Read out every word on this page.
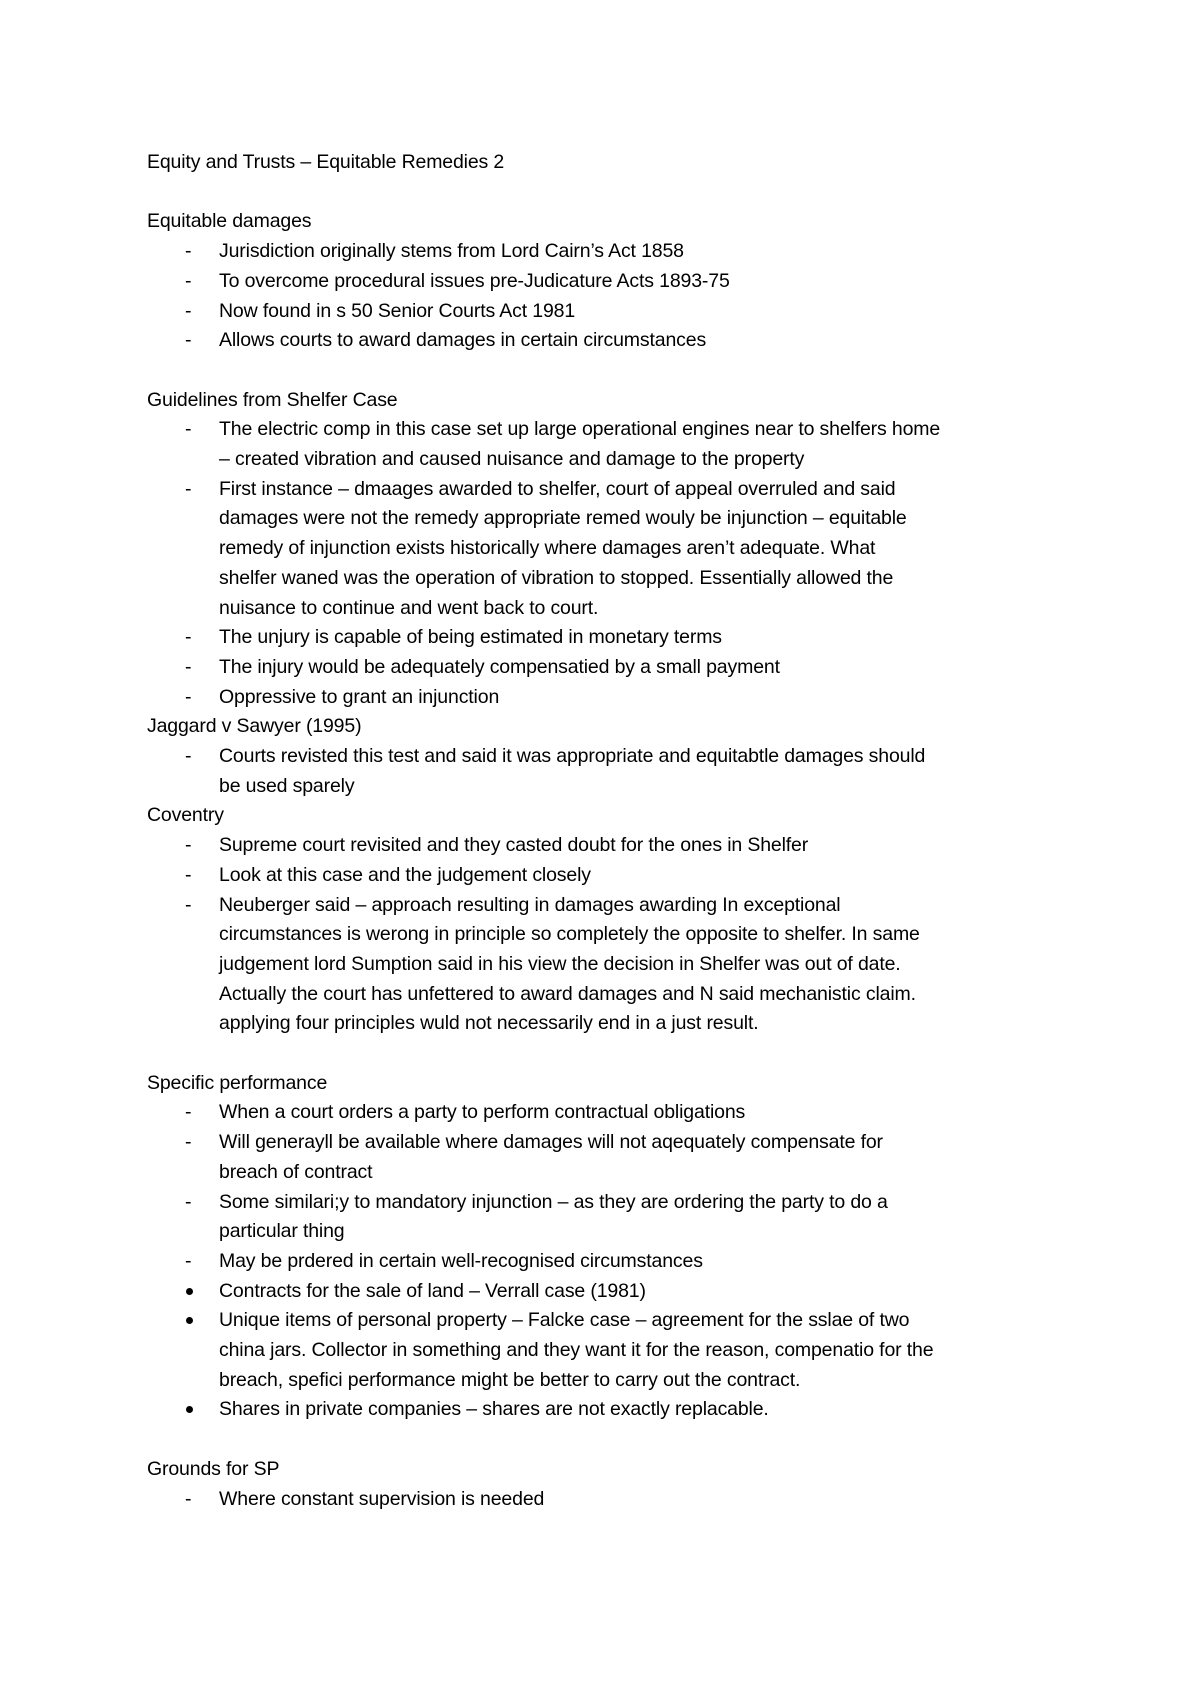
Equity and Trusts – Equitable Remedies 2

Equitable damages

-	Jurisdiction originally stems from Lord Cairn’s Act 1858
-	To overcome procedural issues pre-Judicature Acts 1893-75
-	Now found in s 50 Senior Courts Act 1981
-	Allows courts to award damages in certain circumstances

Guidelines from Shelfer Case

-	The electric comp in this case set up large operational engines near to shelfers home
– created vibration and caused nuisance and damage to the property
-	First instance – dmaages awarded to shelfer, court of appeal overruled and said
damages were not the remedy appropriate remed wouly be injunction – equitable
remedy of injunction exists historically where damages aren’t adequate. What
shelfer waned was the operation of vibration to stopped. Essentially allowed the
nuisance to continue and went back to court.
-	The unjury is capable of being estimated in monetary terms
-	The injury would be adequately compensatied by a small payment
-	Oppressive to grant an injunction

Jaggard v Sawyer (1995)

-	Courts revisted this test and said it was appropriate and equitabtle damages should
be used sparely

Coventry

-	Supreme court revisited and they casted doubt for the ones in Shelfer
-	Look at this case and the judgement closely
-	Neuberger said – approach resulting in damages awarding In exceptional
circumstances is werong in principle so completely the opposite to shelfer. In same
judgement lord Sumption said in his view the decision in Shelfer was out of date.
Actually the court has unfettered to award damages and N said mechanistic claim.
applying four principles wuld not necessarily end in a just result.

Specific performance

-	When a court orders a party to perform contractual obligations
-	Will generayll be available where damages will not aqequately compensate for
breach of contract
-	Some similari;y to mandatory injunction – as they are ordering the party to do a
particular thing
-	May be prdered in certain well-recognised circumstances
Contracts for the sale of land – Verrall case (1981)
Unique items of personal property – Falcke case – agreement for the sslae of two
china jars. Collector in something and they want it for the reason, compenatio for the
breach, spefici performance might be better to carry out the contract.
Shares in private companies – shares are not exactly replacable.

Grounds for SP

-	Where constant supervision is needed
